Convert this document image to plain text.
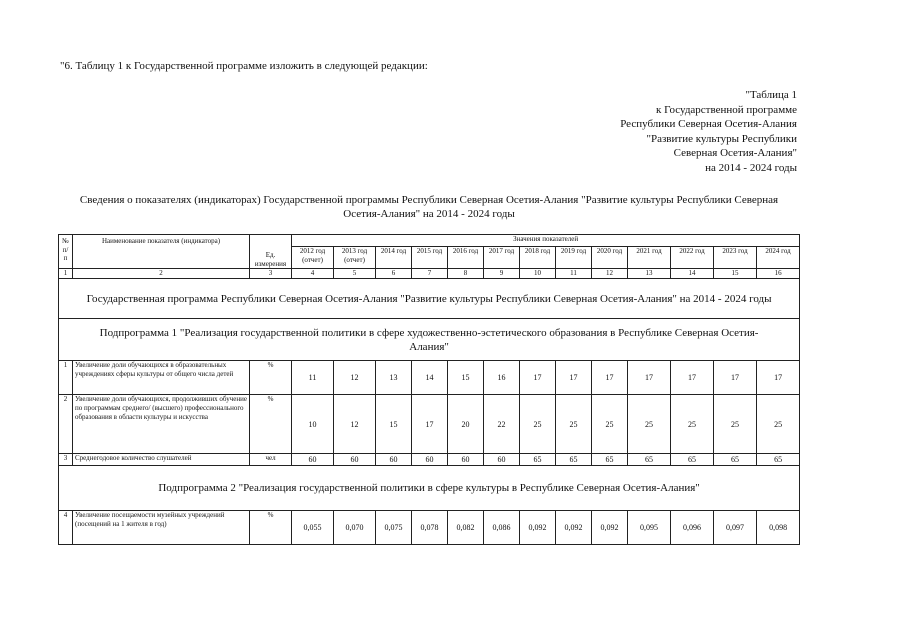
"6. Таблицу 1 к Государственной программе изложить в следующей редакции:
"Таблица 1
к Государственной программе
Республики Северная Осетия-Алания
"Развитие культуры Республики
Северная Осетия-Алания"
на 2014 - 2024 годы
Сведения о показателях (индикаторах) Государственной программы Республики Северная Осетия-Алания "Развитие культуры Республики Северная Осетия-Алания" на 2014 - 2024 годы
№ п/п	Наименование показателя (индикатора)	Ед. измерения	Значения показателей												
			2012 год (отчет)	2013 год (отчет)	2014 год	2015 год	2016 год	2017 год	2018 год	2019 год	2020 год	2021 год	2022 год	2023 год	2024 год
1	2	3	4	5	6	7	8	9	10	11	12	13	14	15	16
Государственная программа Республики Северная Осетия-Алания "Развитие культуры Республики Северная Осетия-Алания" на 2014 - 2024 годы															
Подпрограмма 1 "Реализация государственной политики в сфере художественно-эстетического образования в Республике Северная Осетия-Алания"															
1	Увеличение доли обучающихся в образовательных учреждениях сферы культуры от общего числа детей	%	11	12	13	14	15	16	17	17	17	17	17	17	17
2	Увеличение доли обучающихся, продолживших обучение по программам среднего/ (высшего) профессионального образования в области культуры и искусства	%	10	12	15	17	20	22	25	25	25	25	25	25	25
3	Среднегодовое количество слушателей	чел	60	60	60	60	60	60	65	65	65	65	65	65	65
Подпрограмма 2 "Реализация государственной политики в сфере культуры в Республике Северная Осетия-Алания"															
4	Увеличение посещаемости музейных учреждений (посещений на 1 жителя в год)	%	0,055	0,070	0,075	0,078	0,082	0,086	0,092	0,092	0,092	0,095	0,096	0,097	0,098
